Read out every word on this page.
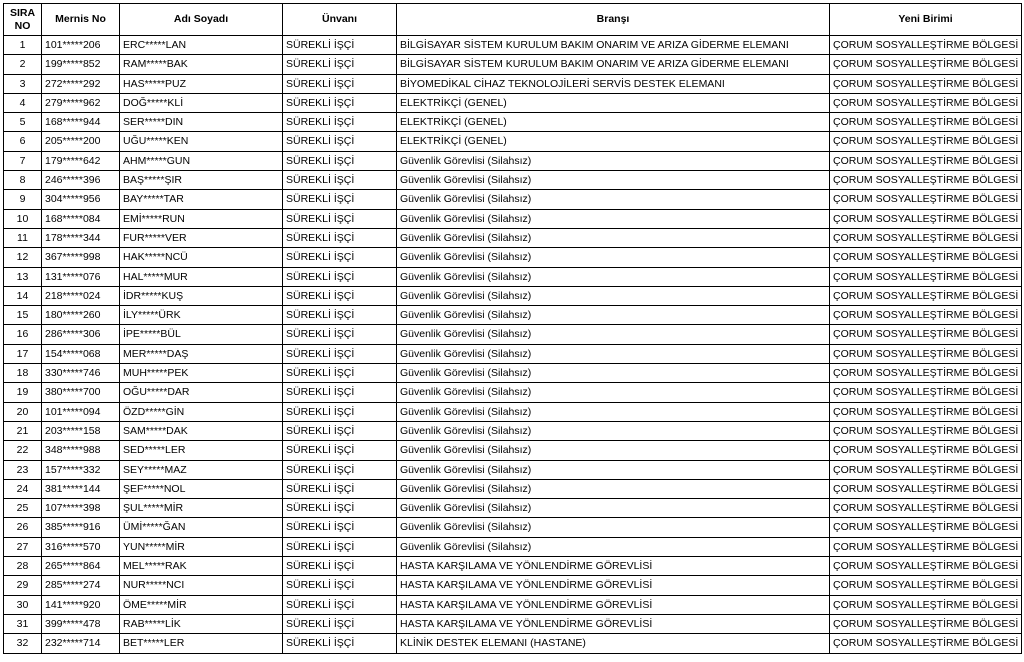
SIRA
NO	Mernis No	Adı Soyadı	Ünvanı	Branşı	Yeni Birimi
1	101*****206	ERC*****LAN	SÜREKLİ İŞÇİ	BİLGİSAYAR SİSTEM KURULUM BAKIM ONARIM VE ARIZA GİDERME ELEMANI	ÇORUM SOSYALLEŞTİRME BÖLGESİ
2	199*****852	RAM*****BAK	SÜREKLİ İŞÇİ	BİLGİSAYAR SİSTEM KURULUM BAKIM ONARIM VE ARIZA GİDERME ELEMANI	ÇORUM SOSYALLEŞTİRME BÖLGESİ
3	272*****292	HAS*****PUZ	SÜREKLİ İŞÇİ	BİYOMEDİKAL CİHAZ TEKNOLOJİLERİ SERVİS DESTEK ELEMANI	ÇORUM SOSYALLEŞTİRME BÖLGESİ
4	279*****962	DOĞ*****KLİ	SÜREKLİ İŞÇİ	ELEKTRİKÇİ (GENEL)	ÇORUM SOSYALLEŞTİRME BÖLGESİ
5	168*****944	SER*****DIN	SÜREKLİ İŞÇİ	ELEKTRİKÇİ (GENEL)	ÇORUM SOSYALLEŞTİRME BÖLGESİ
6	205*****200	UĞU*****KEN	SÜREKLİ İŞÇİ	ELEKTRİKÇİ (GENEL)	ÇORUM SOSYALLEŞTİRME BÖLGESİ
7	179*****642	AHM*****GUN	SÜREKLİ İŞÇİ	Güvenlik Görevlisi (Silahsız)	ÇORUM SOSYALLEŞTİRME BÖLGESİ
8	246*****396	BAŞ*****ŞIR	SÜREKLİ İŞÇİ	Güvenlik Görevlisi (Silahsız)	ÇORUM SOSYALLEŞTİRME BÖLGESİ
9	304*****956	BAY*****TAR	SÜREKLİ İŞÇİ	Güvenlik Görevlisi (Silahsız)	ÇORUM SOSYALLEŞTİRME BÖLGESİ
10	168*****084	EMİ*****RUN	SÜREKLİ İŞÇİ	Güvenlik Görevlisi (Silahsız)	ÇORUM SOSYALLEŞTİRME BÖLGESİ
11	178*****344	FUR*****VER	SÜREKLİ İŞÇİ	Güvenlik Görevlisi (Silahsız)	ÇORUM SOSYALLEŞTİRME BÖLGESİ
12	367*****998	HAK*****NCÜ	SÜREKLİ İŞÇİ	Güvenlik Görevlisi (Silahsız)	ÇORUM SOSYALLEŞTİRME BÖLGESİ
13	131*****076	HAL*****MUR	SÜREKLİ İŞÇİ	Güvenlik Görevlisi (Silahsız)	ÇORUM SOSYALLEŞTİRME BÖLGESİ
14	218*****024	İDR*****KUŞ	SÜREKLİ İŞÇİ	Güvenlik Görevlisi (Silahsız)	ÇORUM SOSYALLEŞTİRME BÖLGESİ
15	180*****260	İLY*****ÜRK	SÜREKLİ İŞÇİ	Güvenlik Görevlisi (Silahsız)	ÇORUM SOSYALLEŞTİRME BÖLGESİ
16	286*****306	İPE*****BÜL	SÜREKLİ İŞÇİ	Güvenlik Görevlisi (Silahsız)	ÇORUM SOSYALLEŞTİRME BÖLGESİ
17	154*****068	MER*****DAŞ	SÜREKLİ İŞÇİ	Güvenlik Görevlisi (Silahsız)	ÇORUM SOSYALLEŞTİRME BÖLGESİ
18	330*****746	MUH*****PEK	SÜREKLİ İŞÇİ	Güvenlik Görevlisi (Silahsız)	ÇORUM SOSYALLEŞTİRME BÖLGESİ
19	380*****700	OĞU*****DAR	SÜREKLİ İŞÇİ	Güvenlik Görevlisi (Silahsız)	ÇORUM SOSYALLEŞTİRME BÖLGESİ
20	101*****094	ÖZD*****GİN	SÜREKLİ İŞÇİ	Güvenlik Görevlisi (Silahsız)	ÇORUM SOSYALLEŞTİRME BÖLGESİ
21	203*****158	SAM*****DAK	SÜREKLİ İŞÇİ	Güvenlik Görevlisi (Silahsız)	ÇORUM SOSYALLEŞTİRME BÖLGESİ
22	348*****988	SED*****LER	SÜREKLİ İŞÇİ	Güvenlik Görevlisi (Silahsız)	ÇORUM SOSYALLEŞTİRME BÖLGESİ
23	157*****332	SEY*****MAZ	SÜREKLİ İŞÇİ	Güvenlik Görevlisi (Silahsız)	ÇORUM SOSYALLEŞTİRME BÖLGESİ
24	381*****144	ŞEF*****NOL	SÜREKLİ İŞÇİ	Güvenlik Görevlisi (Silahsız)	ÇORUM SOSYALLEŞTİRME BÖLGESİ
25	107*****398	ŞUL*****MİR	SÜREKLİ İŞÇİ	Güvenlik Görevlisi (Silahsız)	ÇORUM SOSYALLEŞTİRME BÖLGESİ
26	385*****916	ÜMİ*****ĞAN	SÜREKLİ İŞÇİ	Güvenlik Görevlisi (Silahsız)	ÇORUM SOSYALLEŞTİRME BÖLGESİ
27	316*****570	YUN*****MİR	SÜREKLİ İŞÇİ	Güvenlik Görevlisi (Silahsız)	ÇORUM SOSYALLEŞTİRME BÖLGESİ
28	265*****864	MEL*****RAK	SÜREKLİ İŞÇİ	HASTA KARŞILAMA VE YÖNLENDİRME GÖREVLİSİ	ÇORUM SOSYALLEŞTİRME BÖLGESİ
29	285*****274	NUR*****NCI	SÜREKLİ İŞÇİ	HASTA KARŞILAMA VE YÖNLENDİRME GÖREVLİSİ	ÇORUM SOSYALLEŞTİRME BÖLGESİ
30	141*****920	ÖME*****MİR	SÜREKLİ İŞÇİ	HASTA KARŞILAMA VE YÖNLENDİRME GÖREVLİSİ	ÇORUM SOSYALLEŞTİRME BÖLGESİ
31	399*****478	RAB*****LİK	SÜREKLİ İŞÇİ	HASTA KARŞILAMA VE YÖNLENDİRME GÖREVLİSİ	ÇORUM SOSYALLEŞTİRME BÖLGESİ
32	232*****714	BET*****LER	SÜREKLİ İŞÇİ	KLİNİK DESTEK ELEMANI (HASTANE)	ÇORUM SOSYALLEŞTİRME BÖLGESİ
